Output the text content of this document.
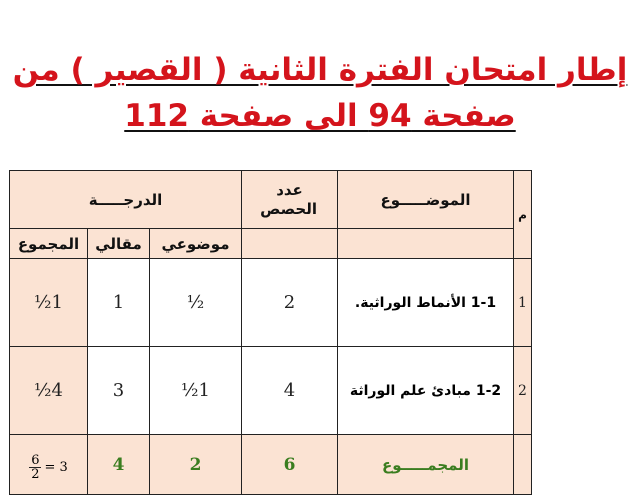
إطار امتحان الفترة الثانية ( القصير ) من
صفحة 94 الى صفحة 112
م	الموضـــــوع	عدد الحصص	الدرجـــــة		
			موضوعي	مقالي	المجموع
1	1-1 الأنماط الوراثية.	2	½	1	1½
2	1-2 مبادئ علم الوراثة	4	1½	3	4½
	المجمـــــوع	6	2	4	$\frac{6}{2} = 3$
